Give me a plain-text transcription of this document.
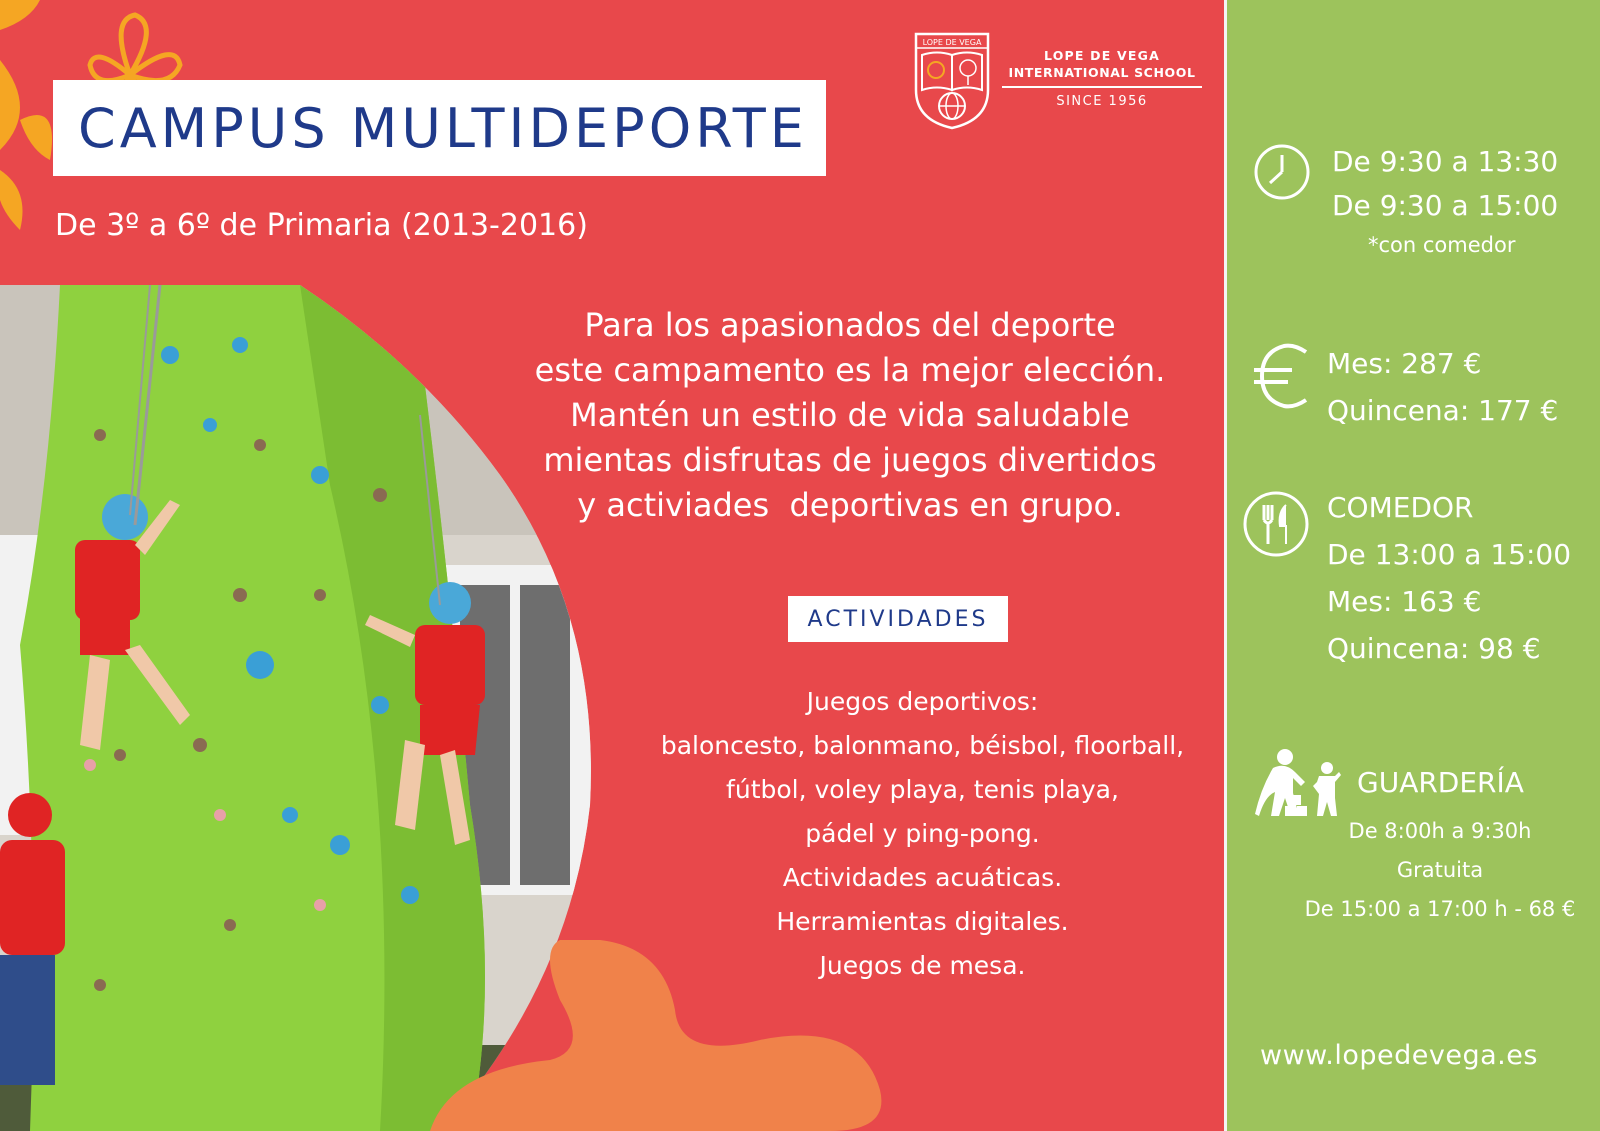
CAMPUS MULTIDEPORTE
De 3º a 6º de Primaria (2013-2016)
LOPE DE VEGA
LOPE DE VEGA
INTERNATIONAL SCHOOL
SINCE 1956
Para los apasionados del deporte
este campamento es la mejor elección.
Mantén un estilo de vida saludable
mientas disfrutas de juegos divertidos
y activiades  deportivas en grupo.
ACTIVIDADES
Juegos deportivos:
baloncesto, balonmano, béisbol, floorball,
fútbol, voley playa, tenis playa,
pádel y ping-pong.
Actividades acuáticas.
Herramientas digitales.
Juegos de mesa.
De 9:30 a 13:30
De 9:30 a 15:00
*con comedor
Mes: 287 €
Quincena: 177 €
COMEDOR
De 13:00 a 15:00
Mes: 163 €
Quincena: 98 €
GUARDERÍA
De 8:00h a 9:30h
Gratuita
De 15:00 a 17:00 h - 68 €
www.lopedevega.es
